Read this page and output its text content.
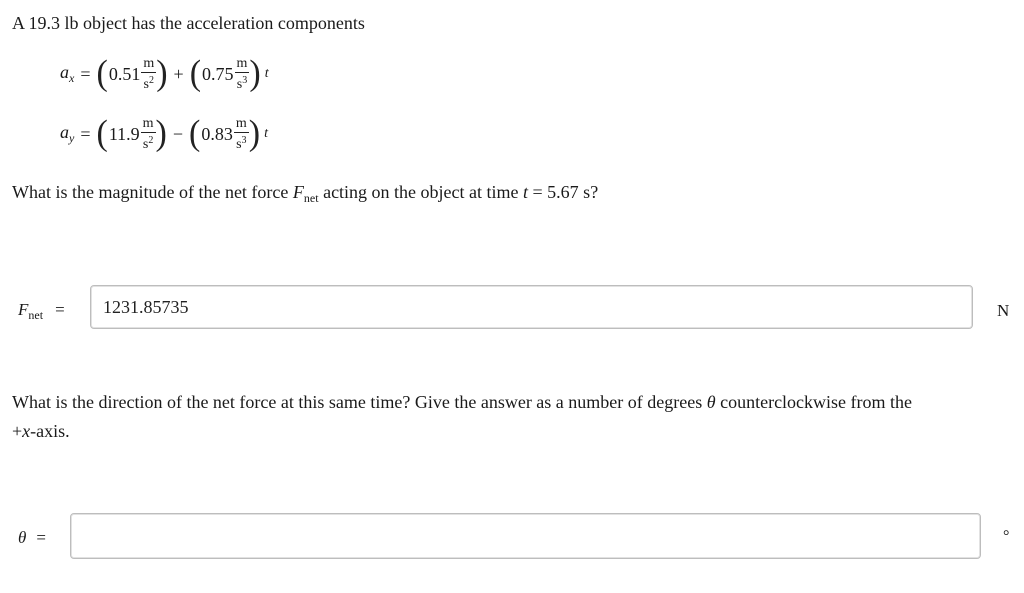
A 19.3 lb object has the acceleration components
$a_x$ = ( $0.51 \frac{m}{s^2}$ ) + ( $0.75 \frac{m}{s^3}$ ) t
$a_y$ = ( $11.9 \frac{m}{s^2}$ ) − ( $0.83 \frac{m}{s^3}$ ) t
What is the magnitude of the net force $F_{net}$ acting on the object at time t = 5.67 s?
$F_{net} = 1231.85735$	N
What is the direction of the net force at this same time? Give the answer as a number of degrees θ counterclockwise from the
+x-axis.
θ =	°
